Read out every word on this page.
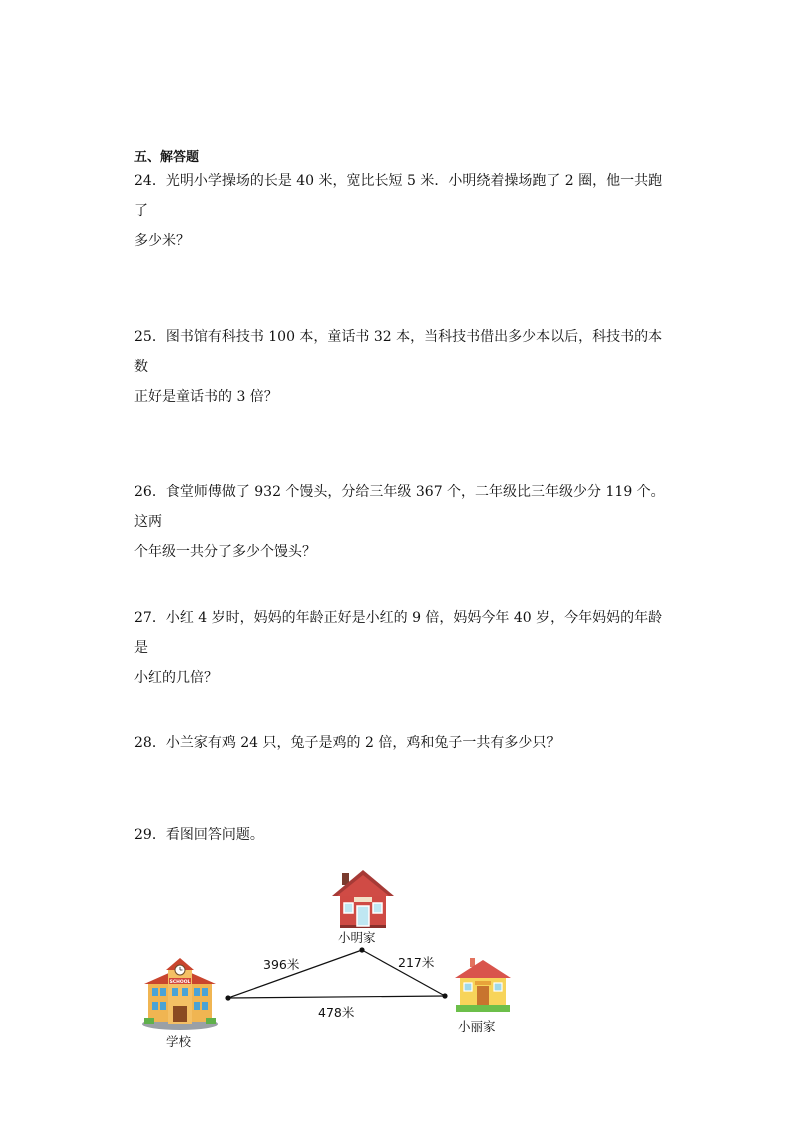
五、解答题

24．光明小学操场的长是 40 米，宽比长短 5 米．小明绕着操场跑了 2 圈，他一共跑了

多少米？

25．图书馆有科技书 100 本，童话书 32 本，当科技书借出多少本以后，科技书的本数

正好是童话书的 3 倍？

26．食堂师傅做了 932 个馒头，分给三年级 367 个，二年级比三年级少分 119 个。这两

个年级一共分了多少个馒头？

27．小红 4 岁时，妈妈的年龄正好是小红的 9 倍，妈妈今年 40 岁，今年妈妈的年龄是

小红的几倍？

28．小兰家有鸡 24 只，兔子是鸡的 2 倍，鸡和兔子一共有多少只？

29．看图回答问题。

SCHOOL
小明家
396米	217米
478米
小丽家
学校
